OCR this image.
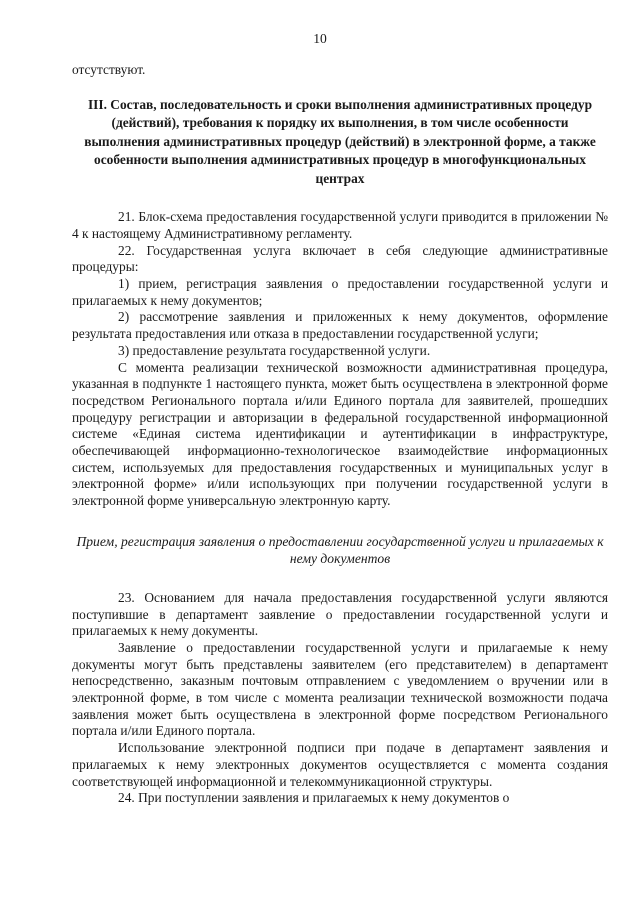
10

отсутствуют.

III. Состав, последовательность и сроки выполнения административных процедур (действий), требования к порядку их выполнения, в том числе особенности выполнения административных процедур (действий) в электронной форме, а также особенности выполнения административных процедур в многофункциональных центрах

21. Блок-схема предоставления государственной услуги приводится в приложении № 4 к настоящему Административному регламенту.

22. Государственная услуга включает в себя следующие административные процедуры:

1) прием, регистрация заявления о предоставлении государственной услуги и прилагаемых к нему документов;

2) рассмотрение заявления и приложенных к нему документов, оформление результата предоставления или отказа в предоставлении государственной услуги;

3) предоставление результата государственной услуги.

С момента реализации технической возможности административная процедура, указанная в подпункте 1 настоящего пункта, может быть осуществлена в электронной форме посредством Регионального портала и/или Единого портала для заявителей, прошедших процедуру регистрации и авторизации в федеральной государственной информационной системе «Единая система идентификации и аутентификации в инфраструктуре, обеспечивающей информационно-технологическое взаимодействие информационных систем, используемых для предоставления государственных и муниципальных услуг в электронной форме» и/или использующих при получении государственной услуги в электронной форме универсальную электронную карту.

Прием, регистрация заявления о предоставлении государственной услуги и прилагаемых к нему документов

23. Основанием для начала предоставления государственной услуги являются поступившие в департамент заявление о предоставлении государственной услуги и прилагаемых к нему документы.

Заявление о предоставлении государственной услуги и прилагаемые к нему документы могут быть представлены заявителем (его представителем) в департамент непосредственно, заказным почтовым отправлением с уведомлением о вручении или в электронной форме, в том числе с момента реализации технической возможности подача заявления может быть осуществлена в электронной форме посредством Регионального портала и/или Единого портала.

Использование электронной подписи при подаче в департамент заявления и прилагаемых к нему электронных документов осуществляется с момента создания соответствующей информационной и телекоммуникационной структуры.

24. При поступлении заявления и прилагаемых к нему документов о
